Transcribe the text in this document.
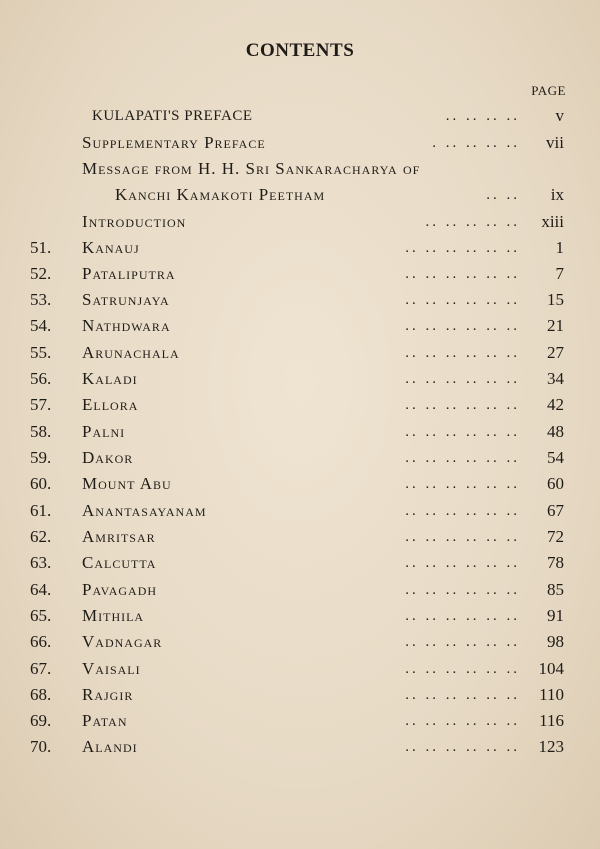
CONTENTS
PAGE
KULAPATI'S PREFACE	.. .. .. ..	v
Supplementary Preface	. .. .. .. ..	vii
Message from H. H. Sri Sankaracharya of
Kanchi Kamakoti Peetham	.. ..	ix
Introduction	.. .. .. .. ..	xiii
51.	Kanauj	.. .. .. .. .. ..	1
52.	Pataliputra	.. .. .. .. .. ..	7
53.	Satrunjaya	.. .. .. .. .. ..	15
54.	Nathdwara	.. .. .. .. .. ..	21
55.	Arunachala	.. .. .. .. .. ..	27
56.	Kaladi	.. .. .. .. .. ..	34
57.	Ellora	.. .. .. .. .. ..	42
58.	Palni	.. .. .. .. .. ..	48
59.	Dakor	.. .. .. .. .. ..	54
60.	Mount Abu	.. .. .. .. .. ..	60
61.	Anantasayanam	.. .. .. .. .. ..	67
62.	Amritsar	.. .. .. .. .. ..	72
63.	Calcutta	.. .. .. .. .. ..	78
64.	Pavagadh	.. .. .. .. .. ..	85
65.	Mithila	.. .. .. .. .. ..	91
66.	Vadnagar	.. .. .. .. .. ..	98
67.	Vaisali	.. .. .. .. .. ..	104
68.	Rajgir	.. .. .. .. .. ..	110
69.	Patan	.. .. .. .. .. ..	116
70.	Alandi	.. .. .. .. .. ..	123
